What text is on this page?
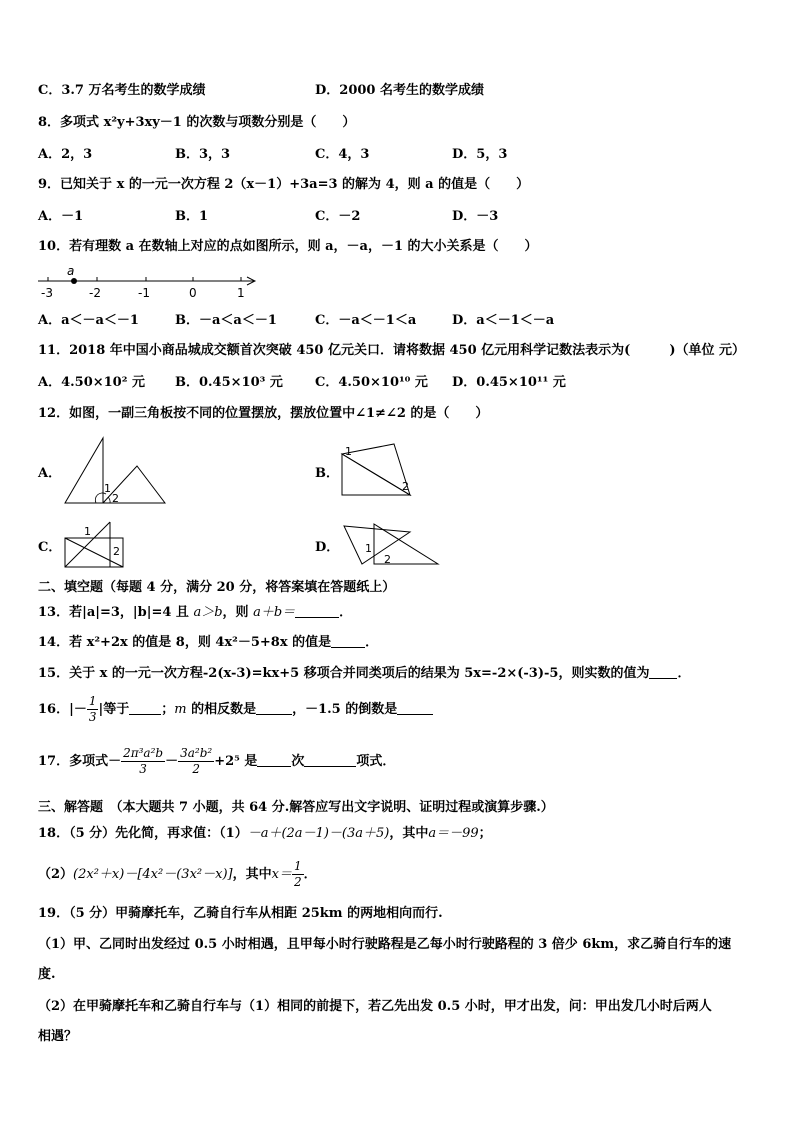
C．3.7 万名考生的数学成绩	D．2000 名考生的数学成绩
8．多项式 x²y+3xy－1 的次数与项数分别是（　　）
A．2，3	B．3，3	C．4，3	D．5，3
9．已知关于 x 的一元一次方程 2（x－1）+3a=3 的解为 4，则 a 的值是（　　）
A．－1	B．1	C．－2	D．－3
10．若有理数 a 在数轴上对应的点如图所示，则 a，－a，－1 的大小关系是（　　）
a
-3	-2	-1	0	1
A．a＜－a＜－1	B．－a＜a＜－1	C．－a＜－1＜a	D．a＜－1＜－a
11．2018 年中国小商品城成交额首次突破 450 亿元关口．请将数据 450 亿元用科学记数法表示为(　　　)（单位 元）
A．4.50×10² 元 B．0.45×10³ 元 C．4.50×10¹⁰ 元 D．0.45×10¹¹ 元
12．如图，一副三角板按不同的位置摆放，摆放位置中∠1≠∠2 的是（　　）
A．
1
2
B．
1
2
C．
1
2	D． 1
2
二、填空题（每题 4 分，满分 20 分，将答案填在答题纸上）
13．若|a|=3，|b|=4 且 a＞b，则 a＋b＝	．
14．若 x²+2x 的值是 8，则 4x²－5+8x 的值是	．
15．关于 x 的一元一次方程-2(x-3)=kx+5 移项合并同类项后的结果为 5x=-2×(-3)-5，则实数的值为 ．
16．|－ $\frac{1}{3}$ |等于 ；m 的相反数是	，－1.5 的倒数是
17．多项式－ $\frac{\text{2π³a²b}}{3} - \frac{\text{3a²b²}}{2} +2^5$ 是	次	项式．
三、解答题　（本大题共 7 小题，共 64 分.解答应写出文字说明、证明过程或演算步骤.）
18．（5 分）先化简，再求值：（1）－a＋(2a－1)－(3a＋5)，其中a＝－99；
（2）(2x²＋x)－[4x²－(3x²－x)]，其中$x= \frac{1}{2}$ ．
19．（5 分）甲骑摩托车，乙骑自行车从相距 25km 的两地相向而行.
（1）甲、乙同时出发经过 0.5 小时相遇，且甲每小时行驶路程是乙每小时行驶路程的 3 倍少 6km，求乙骑自行车的速
度.
（2）在甲骑摩托车和乙骑自行车与（1）相同的前提下，若乙先出发 0.5 小时，甲才出发，问：甲出发几小时后两人
相遇？
